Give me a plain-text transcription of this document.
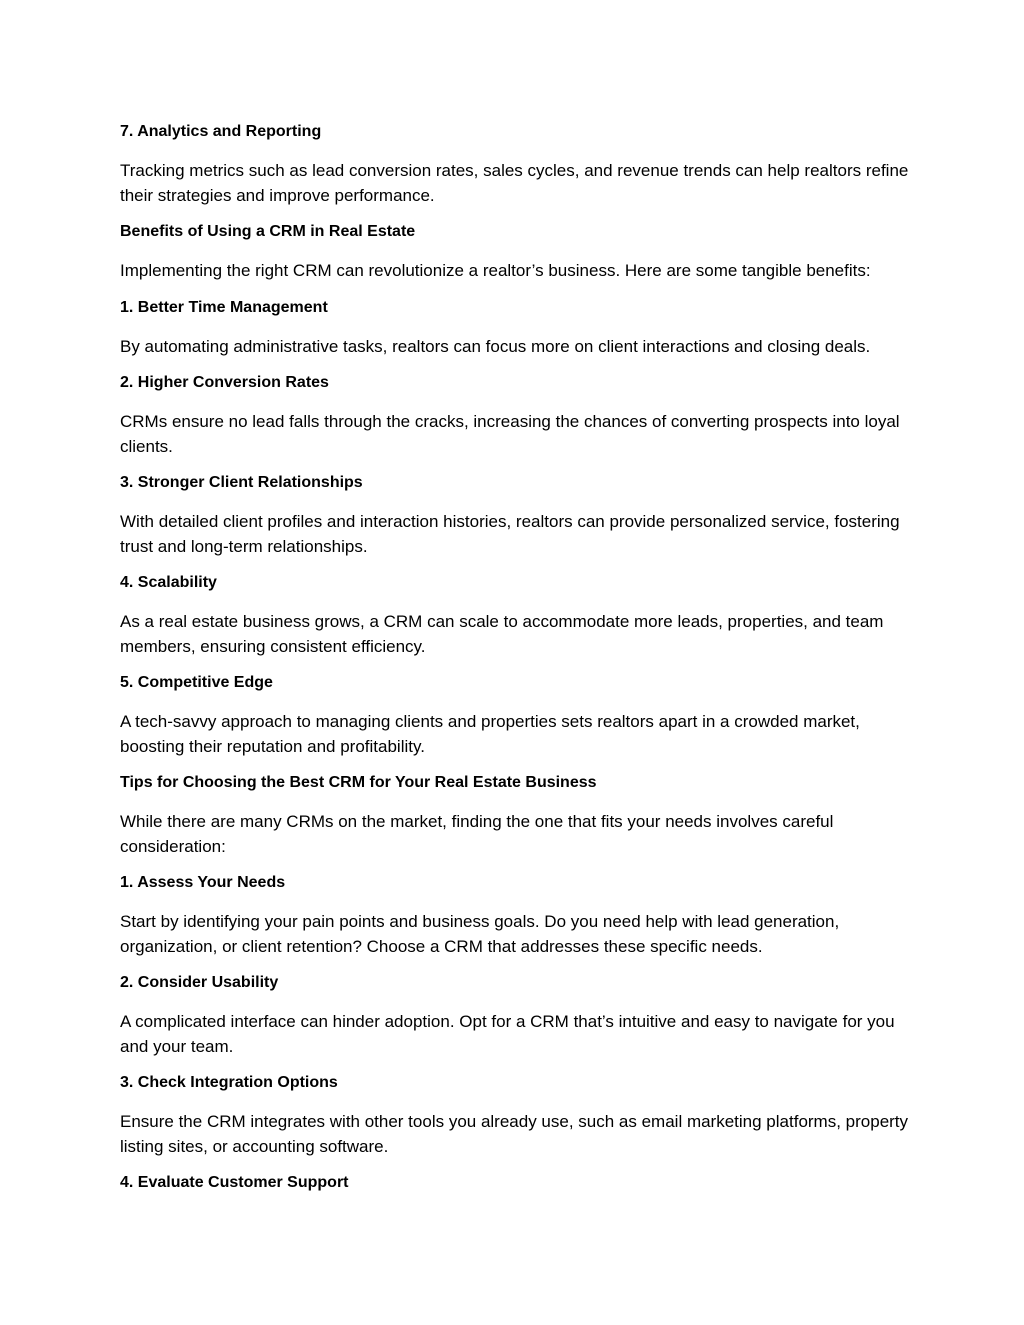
7. Analytics and Reporting
Tracking metrics such as lead conversion rates, sales cycles, and revenue trends can help realtors refine their strategies and improve performance.
Benefits of Using a CRM in Real Estate
Implementing the right CRM can revolutionize a realtor’s business. Here are some tangible benefits:
1. Better Time Management
By automating administrative tasks, realtors can focus more on client interactions and closing deals.
2. Higher Conversion Rates
CRMs ensure no lead falls through the cracks, increasing the chances of converting prospects into loyal clients.
3. Stronger Client Relationships
With detailed client profiles and interaction histories, realtors can provide personalized service, fostering trust and long-term relationships.
4. Scalability
As a real estate business grows, a CRM can scale to accommodate more leads, properties, and team members, ensuring consistent efficiency.
5. Competitive Edge
A tech-savvy approach to managing clients and properties sets realtors apart in a crowded market, boosting their reputation and profitability.
Tips for Choosing the Best CRM for Your Real Estate Business
While there are many CRMs on the market, finding the one that fits your needs involves careful consideration:
1. Assess Your Needs
Start by identifying your pain points and business goals. Do you need help with lead generation, organization, or client retention? Choose a CRM that addresses these specific needs.
2. Consider Usability
A complicated interface can hinder adoption. Opt for a CRM that’s intuitive and easy to navigate for you and your team.
3. Check Integration Options
Ensure the CRM integrates with other tools you already use, such as email marketing platforms, property listing sites, or accounting software.
4. Evaluate Customer Support
